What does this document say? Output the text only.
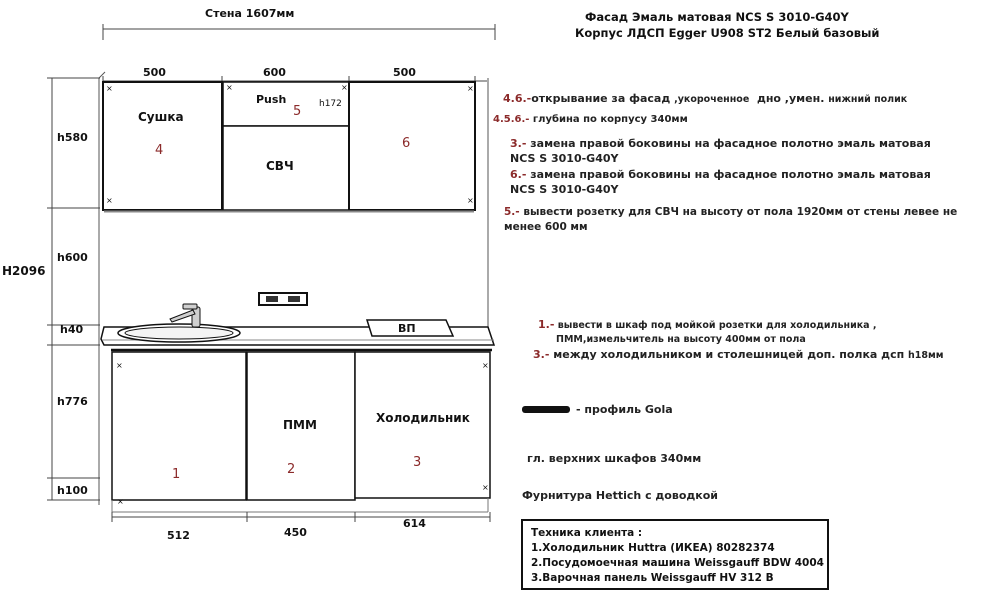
Стена 1607мм	Фасад Эмаль матовая NCS S 3010-G40Y
Корпус ЛДСП Egger U908 ST2 Белый базовый
H2096
h580
h600
h40
h776
h100
500	600	500
Сушка
4
Push
5 h172
СВЧ
6
×
×
×	×	×
×
×
×
×
×
ВП
1
ПММ
2
Холодильник
3
512	450
614
4.6.-открывание за фасад ,укороченное дно ,умен. нижний полик
4.5.6.- глубина по корпусу 340мм
3.- замена правой боковины на фасадное полотно эмаль матовая
NCS S 3010-G40Y
6.- замена правой боковины на фасадное полотно эмаль матовая
NCS S 3010-G40Y
5.- вывести розетку для СВЧ на высоту от пола 1920мм от стены левее не
менее 600 мм
1.- вывести в шкаф под мойкой розетки для холодильника ,
ПММ,измельчитель на высоту 400мм от пола
3.- между холодильником и столешницей доп. полка дсп h18мм
- профиль Gola
гл. верхних шкафов 340мм
Фурнитура Hettich с доводкой
Техника клиента :
1.Холодильник Huttra (ИКЕА) 80282374
2.Посудомоечная машина Weissgauff BDW 4004
3.Варочная панель Weissgauff HV 312 B
